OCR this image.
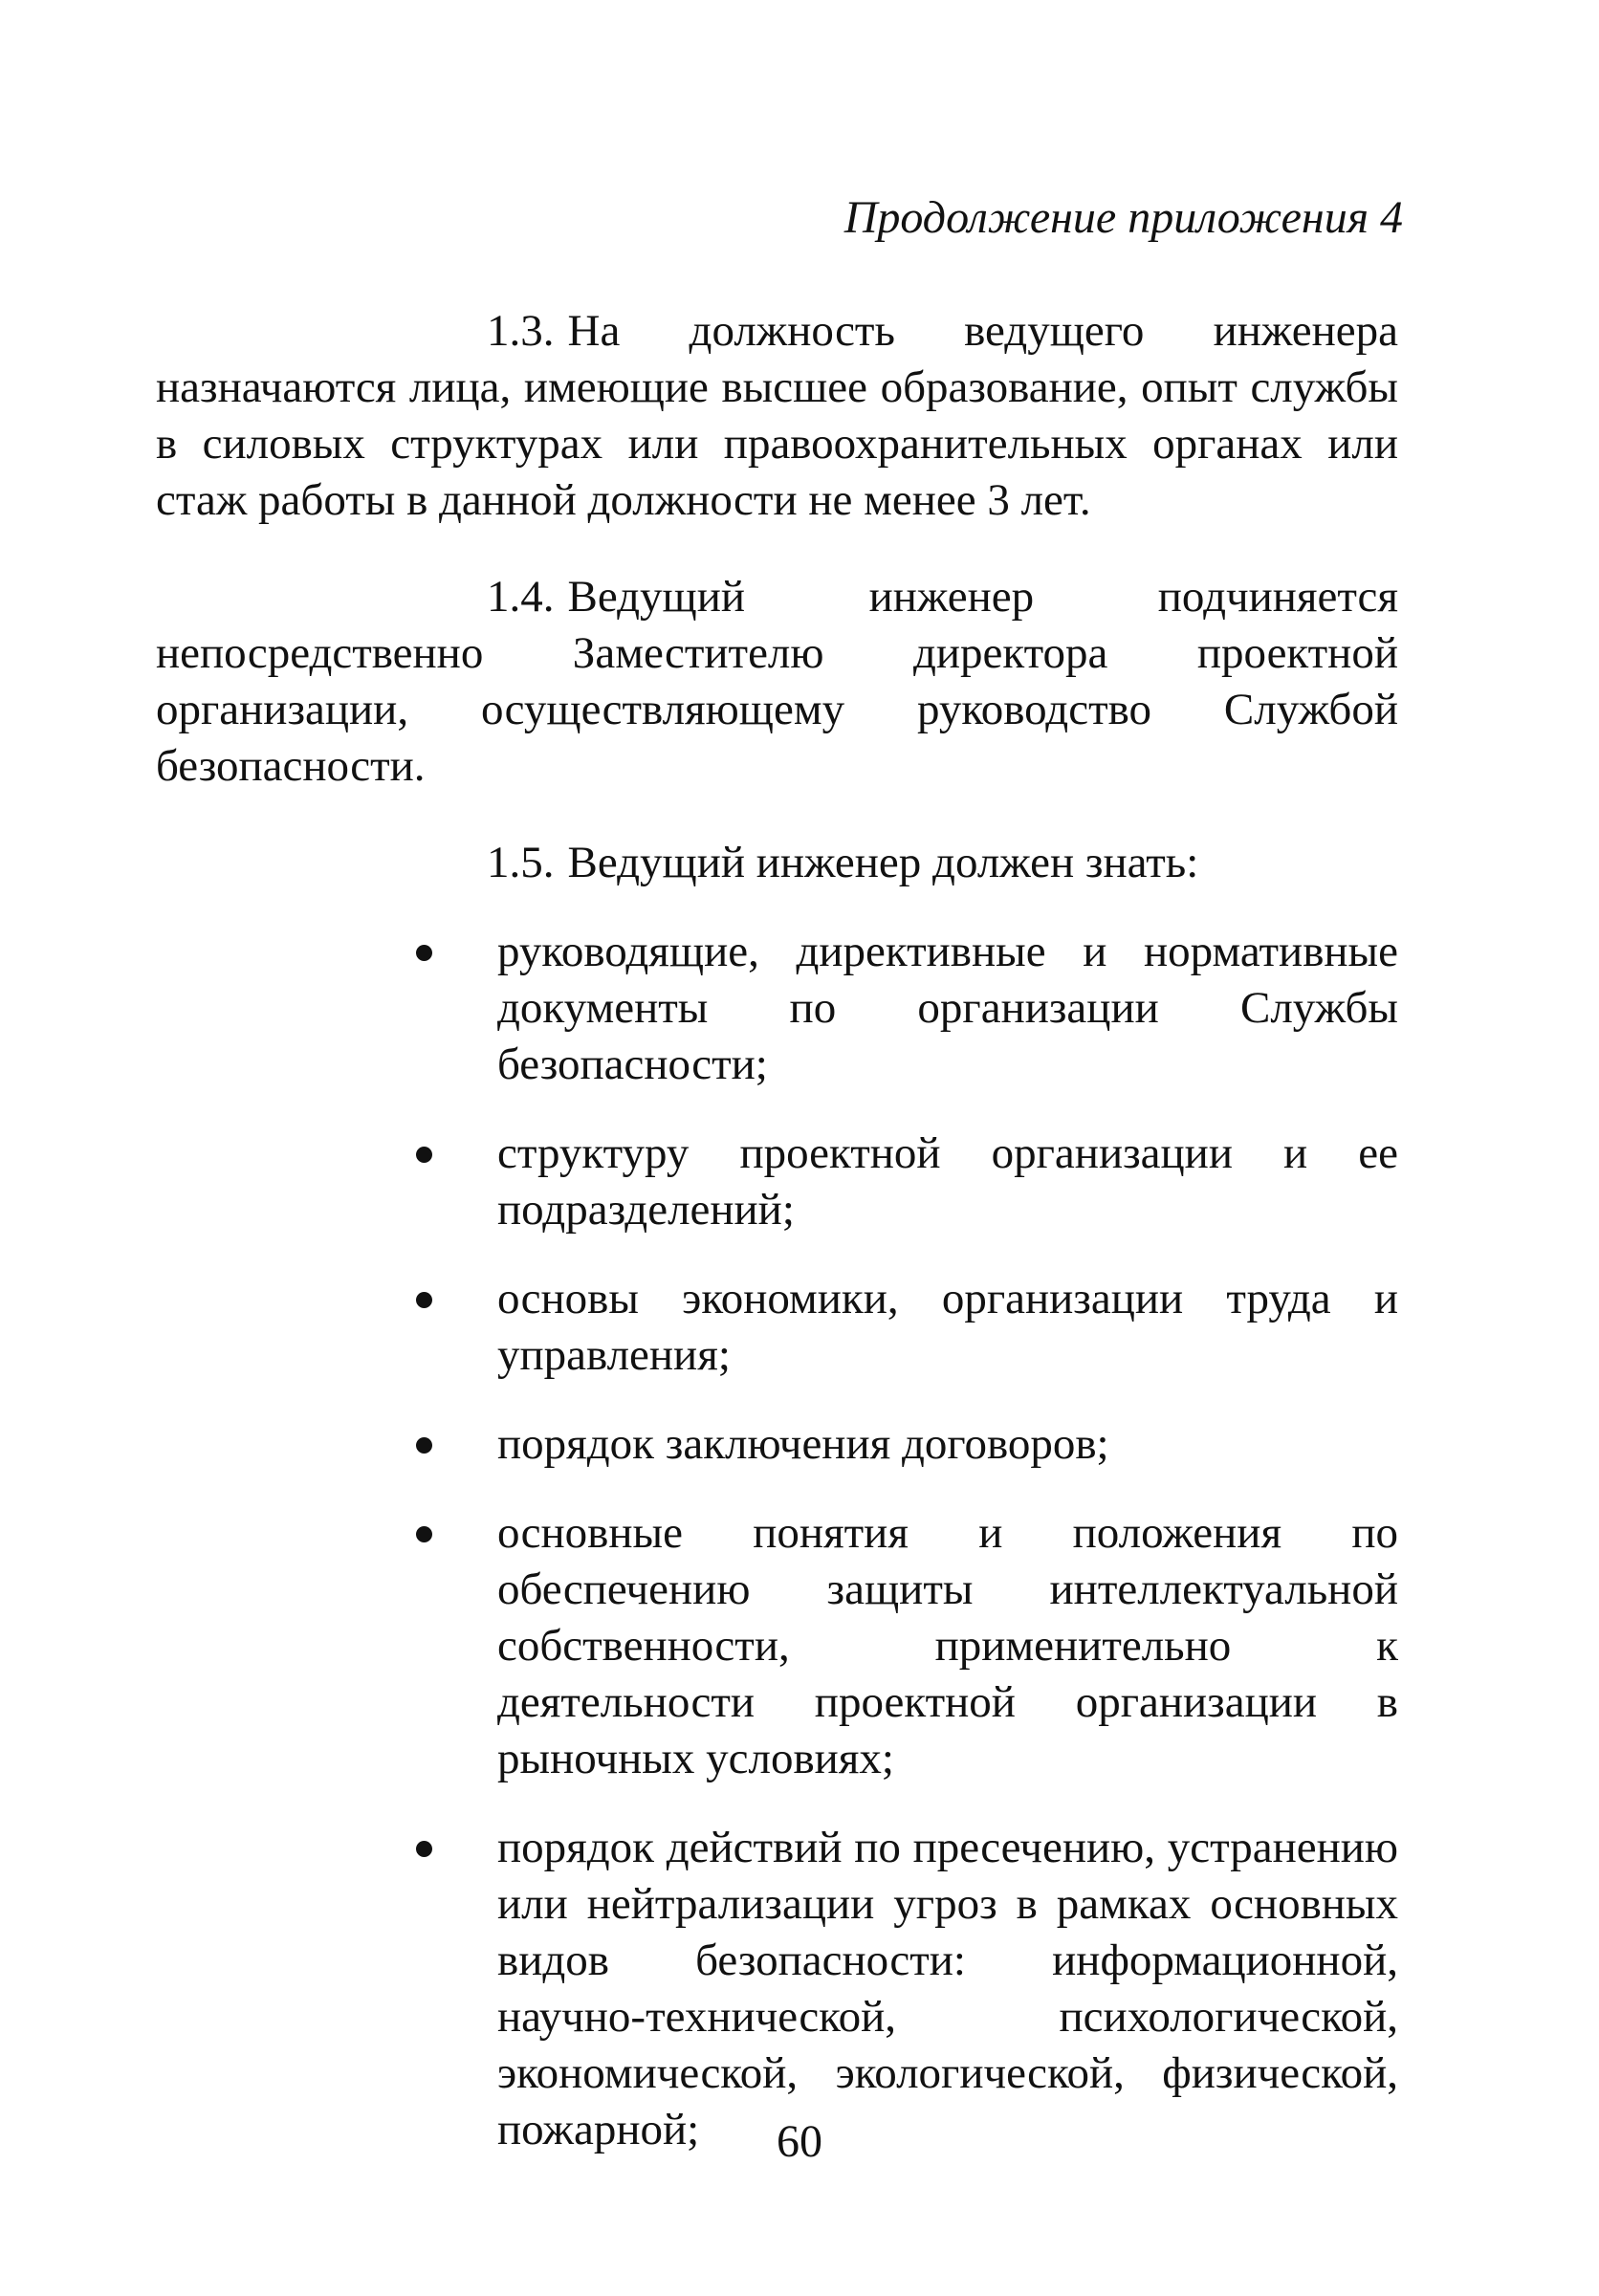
Продолжение приложения 4

1.3. На должность ведущего инженера назначаются лица, имеющие высшее образование, опыт службы в силовых структурах или правоохранительных органах или стаж работы в данной должности не менее 3 лет.

1.4. Ведущий инженер подчиняется непосредственно Заместителю директора проектной организации, осуществляющему руководство Службой безопасности.

1.5. Ведущий инженер должен знать:

руководящие, директивные и нормативные документы по организации Службы безопасности;
структуру проектной организации и ее подразделений;
основы экономики, организации труда и управления;
порядок заключения договоров;
основные понятия и положения по обеспечению защиты интеллектуальной собственности, применительно к деятельности проектной организации в рыночных условиях;
порядок действий по пресечению, устранению или нейтрализации угроз в рамках основных видов безопасности: информационной, научно-технической, психологической, экономической, экологической, физической, пожарной;	60
